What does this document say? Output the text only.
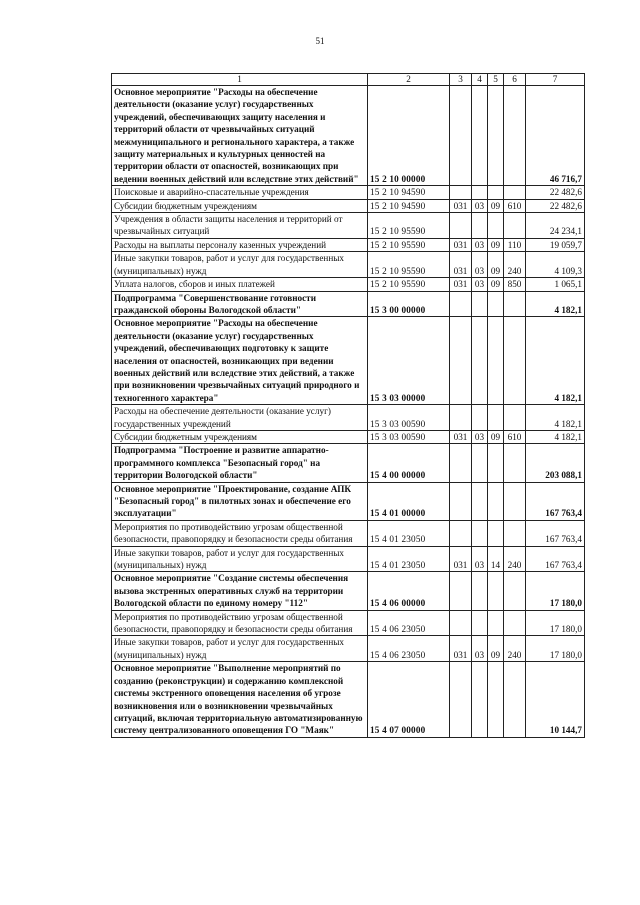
51
1	2	3	4	5	6	7
Основное мероприятие "Расходы на обеспечение деятельности (оказание услуг) государственных учреждений, обеспечивающих защиту населения и территорий области от чрезвычайных ситуаций межмуниципального и регионального характера, а также защиту материальных и культурных ценностей на территории области от опасностей, возникающих при ведении военных действий или вследствие этих действий"	15 2 10 00000					46 716,7
Поисковые и аварийно-спасательные учреждения	15 2 10 94590					22 482,6
Субсидии бюджетным учреждениям	15 2 10 94590	031	03	09	610	22 482,6
Учреждения в области защиты населения и территорий от чрезвычайных ситуаций	15 2 10 95590					24 234,1
Расходы на выплаты персоналу казенных учреждений	15 2 10 95590	031	03	09	110	19 059,7
Иные закупки товаров, работ и услуг для государственных (муниципальных) нужд	15 2 10 95590	031	03	09	240	4 109,3
Уплата налогов, сборов и иных платежей	15 2 10 95590	031	03	09	850	1 065,1
Подпрограмма "Совершенствование готовности гражданской обороны Вологодской области"	15 3 00 00000					4 182,1
Основное мероприятие "Расходы на обеспечение деятельности (оказание услуг) государственных учреждений, обеспечивающих подготовку к защите населения от опасностей, возникающих при ведении военных действий или вследствие этих действий, а также при возникновении чрезвычайных ситуаций природного и техногенного характера"	15 3 03 00000					4 182,1
Расходы на обеспечение деятельности (оказание услуг) государственных учреждений	15 3 03 00590					4 182,1
Субсидии бюджетным учреждениям	15 3 03 00590	031	03	09	610	4 182,1
Подпрограмма "Построение и развитие аппаратно-программного комплекса "Безопасный город" на территории Вологодской области"	15 4 00 00000					203 088,1
Основное мероприятие "Проектирование, создание АПК "Безопасный город" в пилотных зонах и обеспечение его эксплуатации"	15 4 01 00000					167 763,4
Мероприятия по противодействию угрозам общественной безопасности, правопорядку и безопасности среды обитания	15 4 01 23050					167 763,4
Иные закупки товаров, работ и услуг для государственных (муниципальных) нужд	15 4 01 23050	031	03	14	240	167 763,4
Основное мероприятие "Создание системы обеспечения вызова экстренных оперативных служб на территории Вологодской области по единому номеру "112"	15 4 06 00000					17 180,0
Мероприятия по противодействию угрозам общественной безопасности, правопорядку и безопасности среды обитания	15 4 06 23050					17 180,0
Иные закупки товаров, работ и услуг для государственных (муниципальных) нужд	15 4 06 23050	031	03	09	240	17 180,0
Основное мероприятие "Выполнение мероприятий по созданию (реконструкции) и содержанию комплексной системы экстренного оповещения населения об угрозе возникновения или о возникновении чрезвычайных ситуаций, включая территориальную автоматизированную систему централизованного оповещения ГО "Маяк"	15 4 07 00000					10 144,7
